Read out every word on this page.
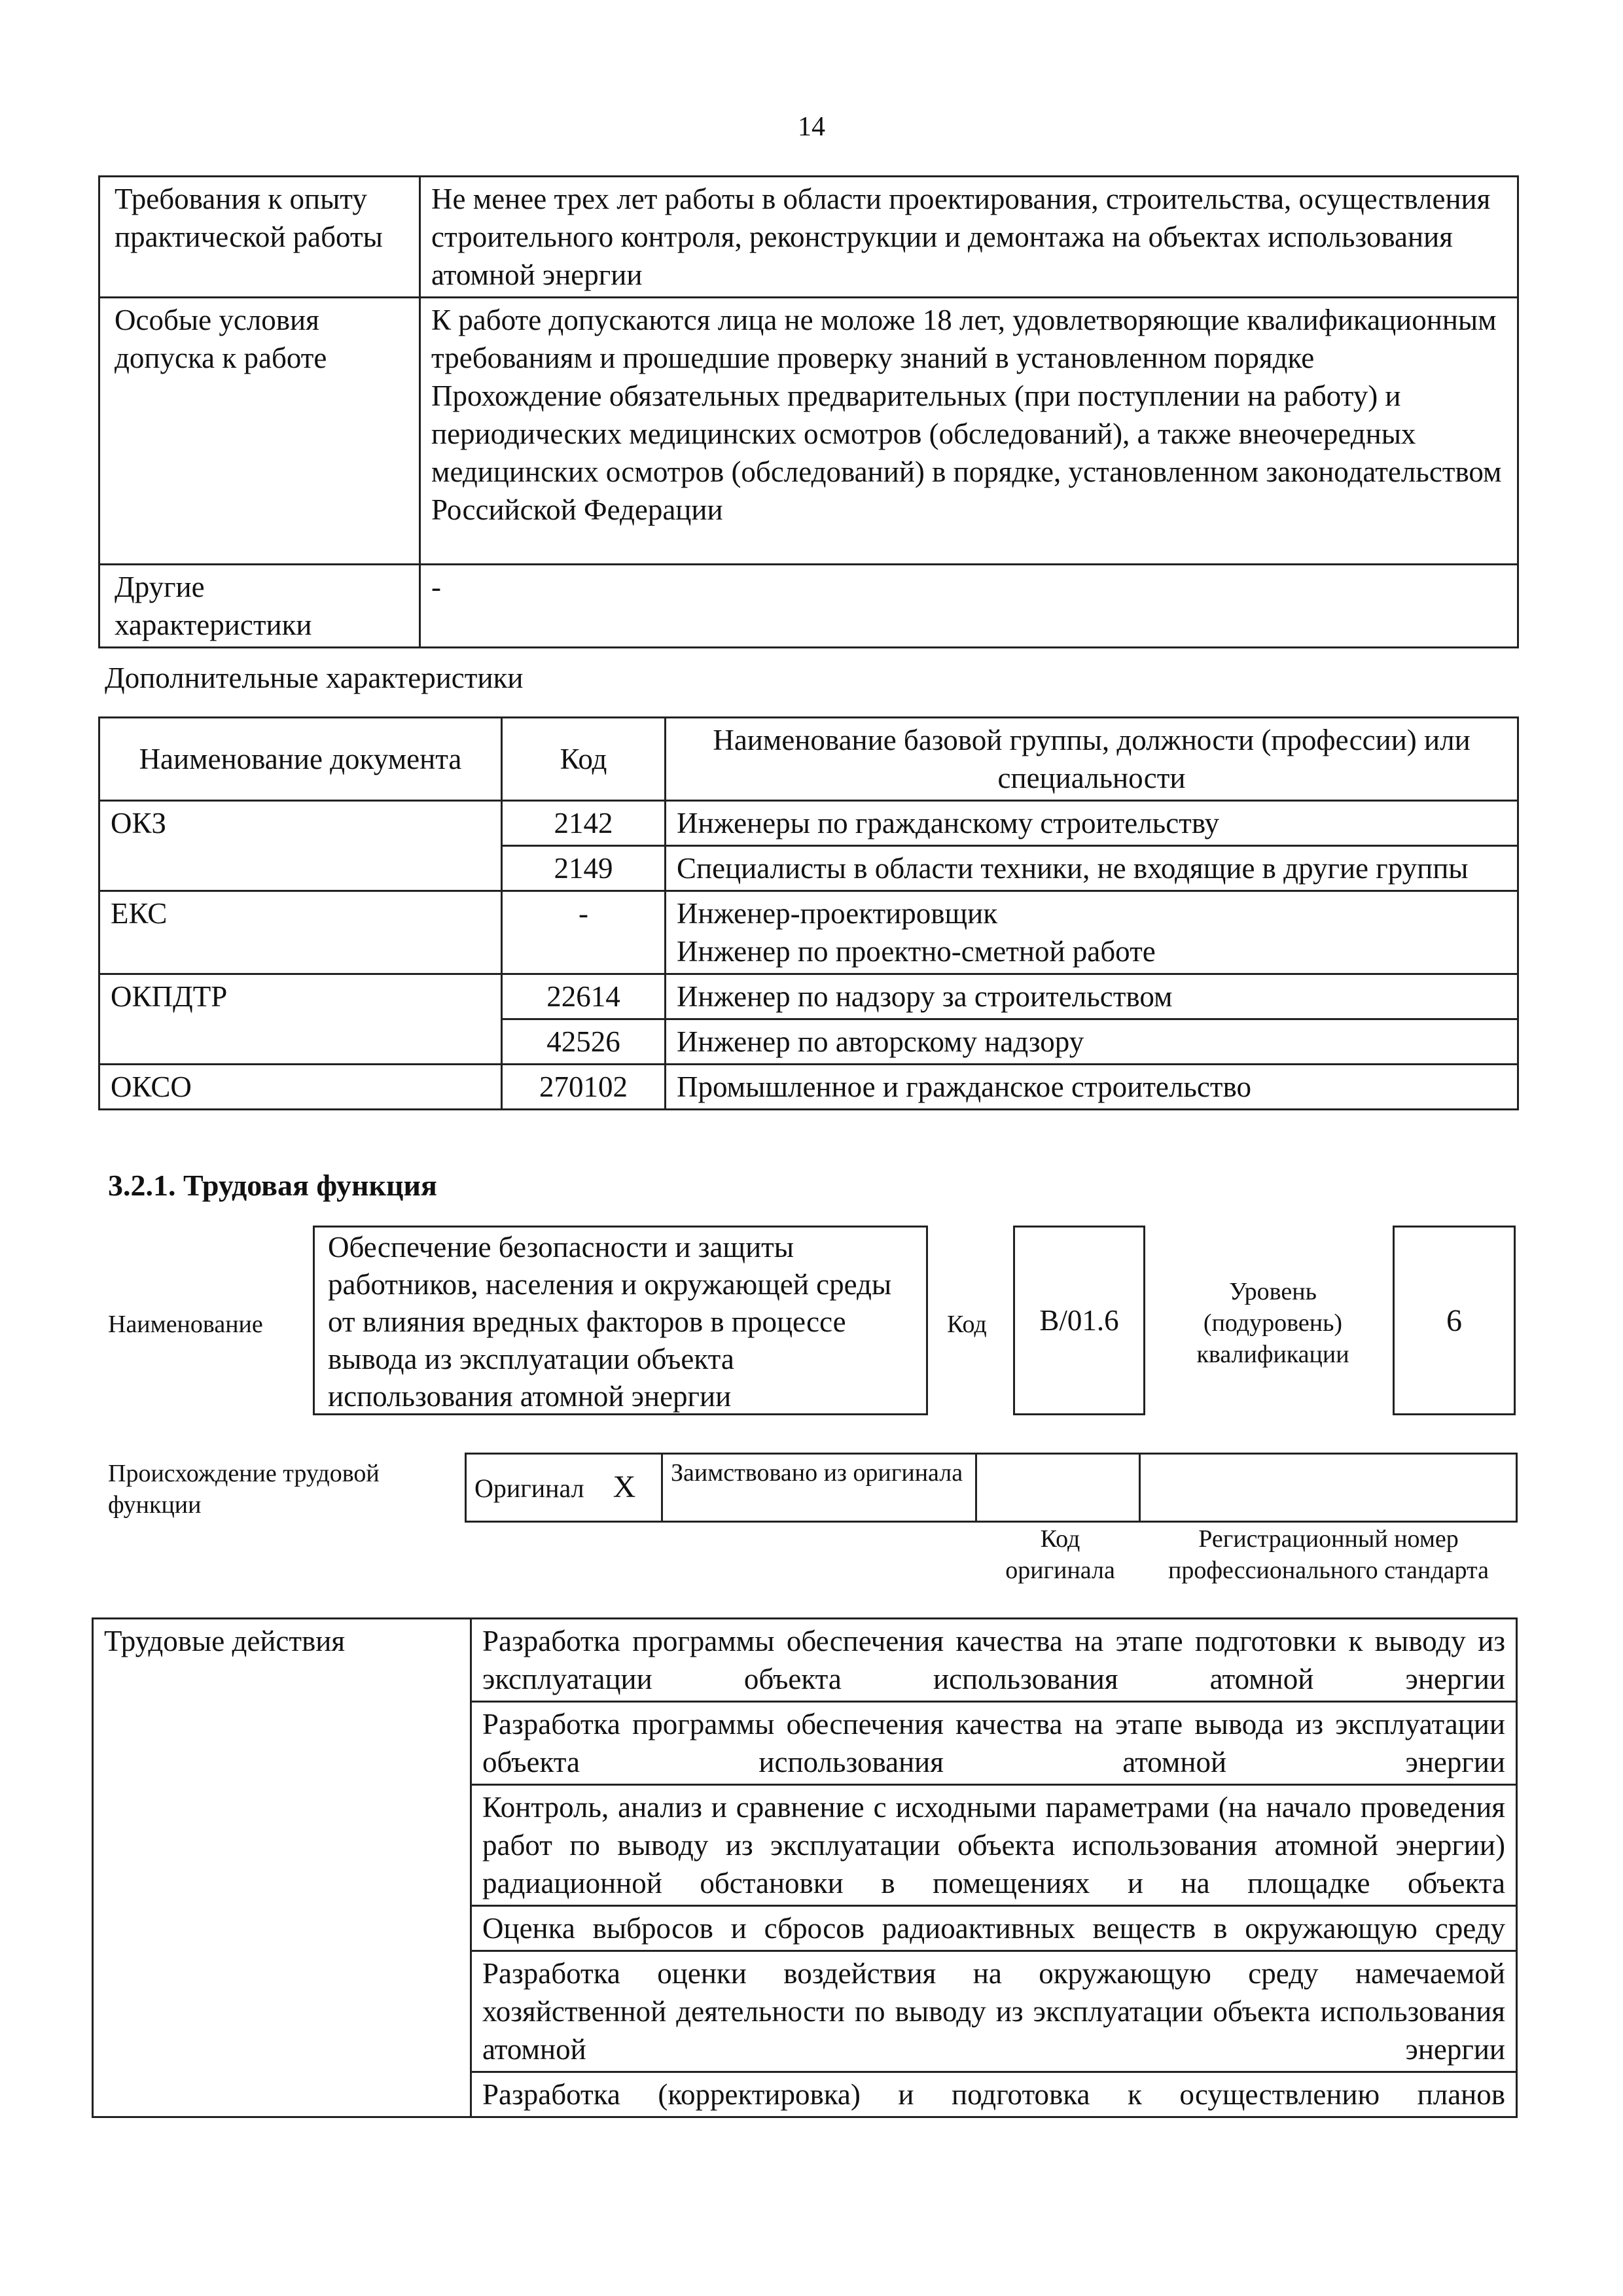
14
Требования к опыту практической работы	Не менее трех лет работы в области проектирования, строительства, осуществления строительного контроля, реконструкции и демонтажа на объектах использования атомной энергии
Особые условия допуска к работе	К работе допускаются лица не моложе 18 лет, удовлетворяющие квалификационным требованиям и прошедшие проверку знаний в установленном порядке
Прохождение обязательных предварительных (при поступлении на работу) и периодических медицинских осмотров (обследований), а также внеочередных медицинских осмотров (обследований) в порядке, установленном законодательством Российской Федерации

Другие характеристики	-
Дополнительные характеристики
Наименование документа	Код	Наименование базовой группы, должности (профессии) или специальности
ОКЗ	2142	Инженеры по гражданскому строительству
	2149	Специалисты в области техники, не входящие в другие группы
ЕКС	-	Инженер-проектировщик
Инженер по проектно-сметной работе

ОКПДТР	22614	Инженер по надзору за строительством
	42526	Инженер по авторскому надзору
ОКСО	270102	Промышленное и гражданское строительство
3.2.1. Трудовая функция
Наименование
Обеспечение безопасности и защиты работников, населения и окружающей среды от влияния вредных факторов в процессе вывода из эксплуатации объекта использования атомной энергии
Код В/01.6
Уровень (подуровень) квалификации
6
Происхождение трудовой функции
Оригинал X	Заимствовано из оригинала		
Код оригинала
Регистрационный номер профессионального стандарта
Трудовые действия	Разработка программы обеспечения качества на этапе подготовки к выводу из эксплуатации объекта использования атомной энергии
Разработка программы обеспечения качества на этапе вывода из эксплуатации объекта использования атомной энергии
Контроль, анализ и сравнение с исходными параметрами (на начало проведения работ по выводу из эксплуатации объекта использования атомной энергии) радиационной обстановки в помещениях и на площадке объекта
Оценка выбросов и сбросов радиоактивных веществ в окружающую среду
Разработка оценки воздействия на окружающую среду намечаемой хозяйственной деятельности по выводу из эксплуатации объекта использования атомной энергии
Разработка (корректировка) и подготовка к осуществлению планов
